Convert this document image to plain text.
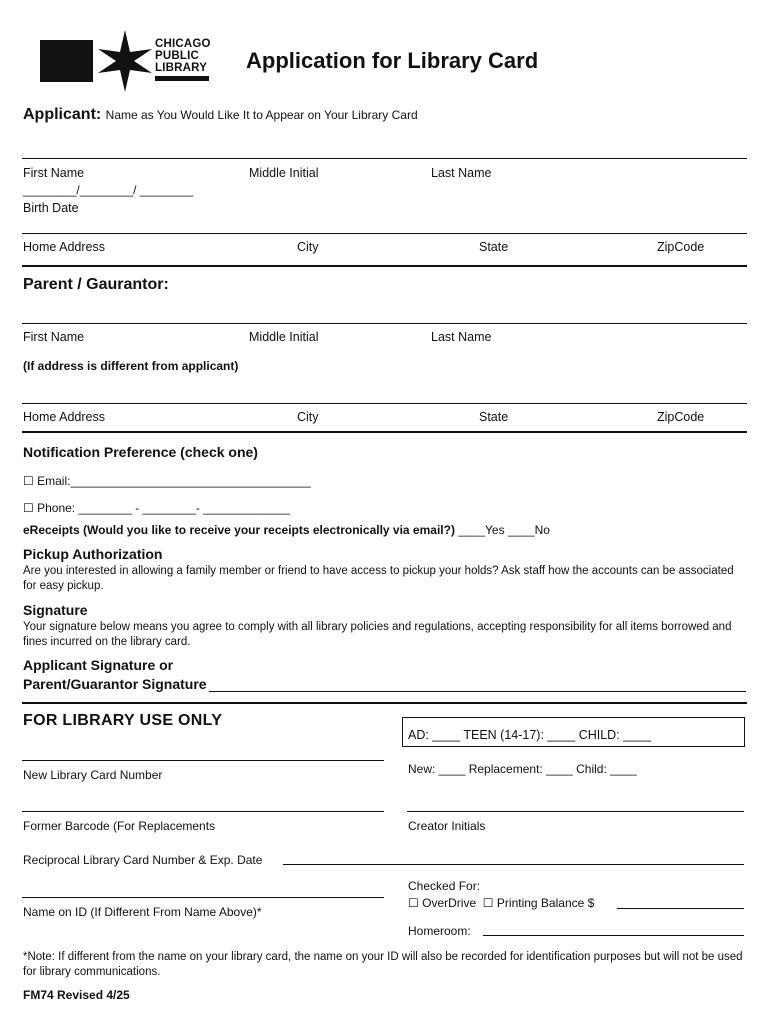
CHICAGO
PUBLIC
LIBRARY Application for Library Card
Applicant: Name as You Would Like It to Appear on Your Library Card
First Name	Middle Initial	Last Name
________/________/ ________
Birth Date
Home Address	City	State	ZipCode
Parent / Gaurantor:
First Name	Middle Initial	Last Name
(If address is different from applicant)
Home Address	City	State	ZipCode
Notification Preference (check one)
☐ Email:____________________________________
☐ Phone: ________ - ________- _____________
eReceipts (Would you like to receive your receipts electronically via email?) ____Yes ____No
Pickup Authorization
Are you interested in allowing a family member or friend to have access to pickup your holds? Ask staff how the accounts can be associated for easy pickup.
Signature
Your signature below means you agree to comply with all library policies and regulations, accepting responsibility for all items borrowed and fines incurred on the library card.
Applicant Signature or
Parent/Guarantor Signature
FOR LIBRARY USE ONLY
AD: ____ TEEN (14-17): ____ CHILD: ____
New Library Card Number	New: ____ Replacement: ____ Child: ____
Former Barcode (For Replacements	Creator Initials
Reciprocal Library Card Number & Exp. Date
Checked For:
☐ OverDrive ☐ Printing Balance $
Name on ID (If Different From Name Above)*
Homeroom:
*Note: If different from the name on your library card, the name on your ID will also be recorded for identification purposes but will not be used for library communications.
FM74 Revised 4/25
